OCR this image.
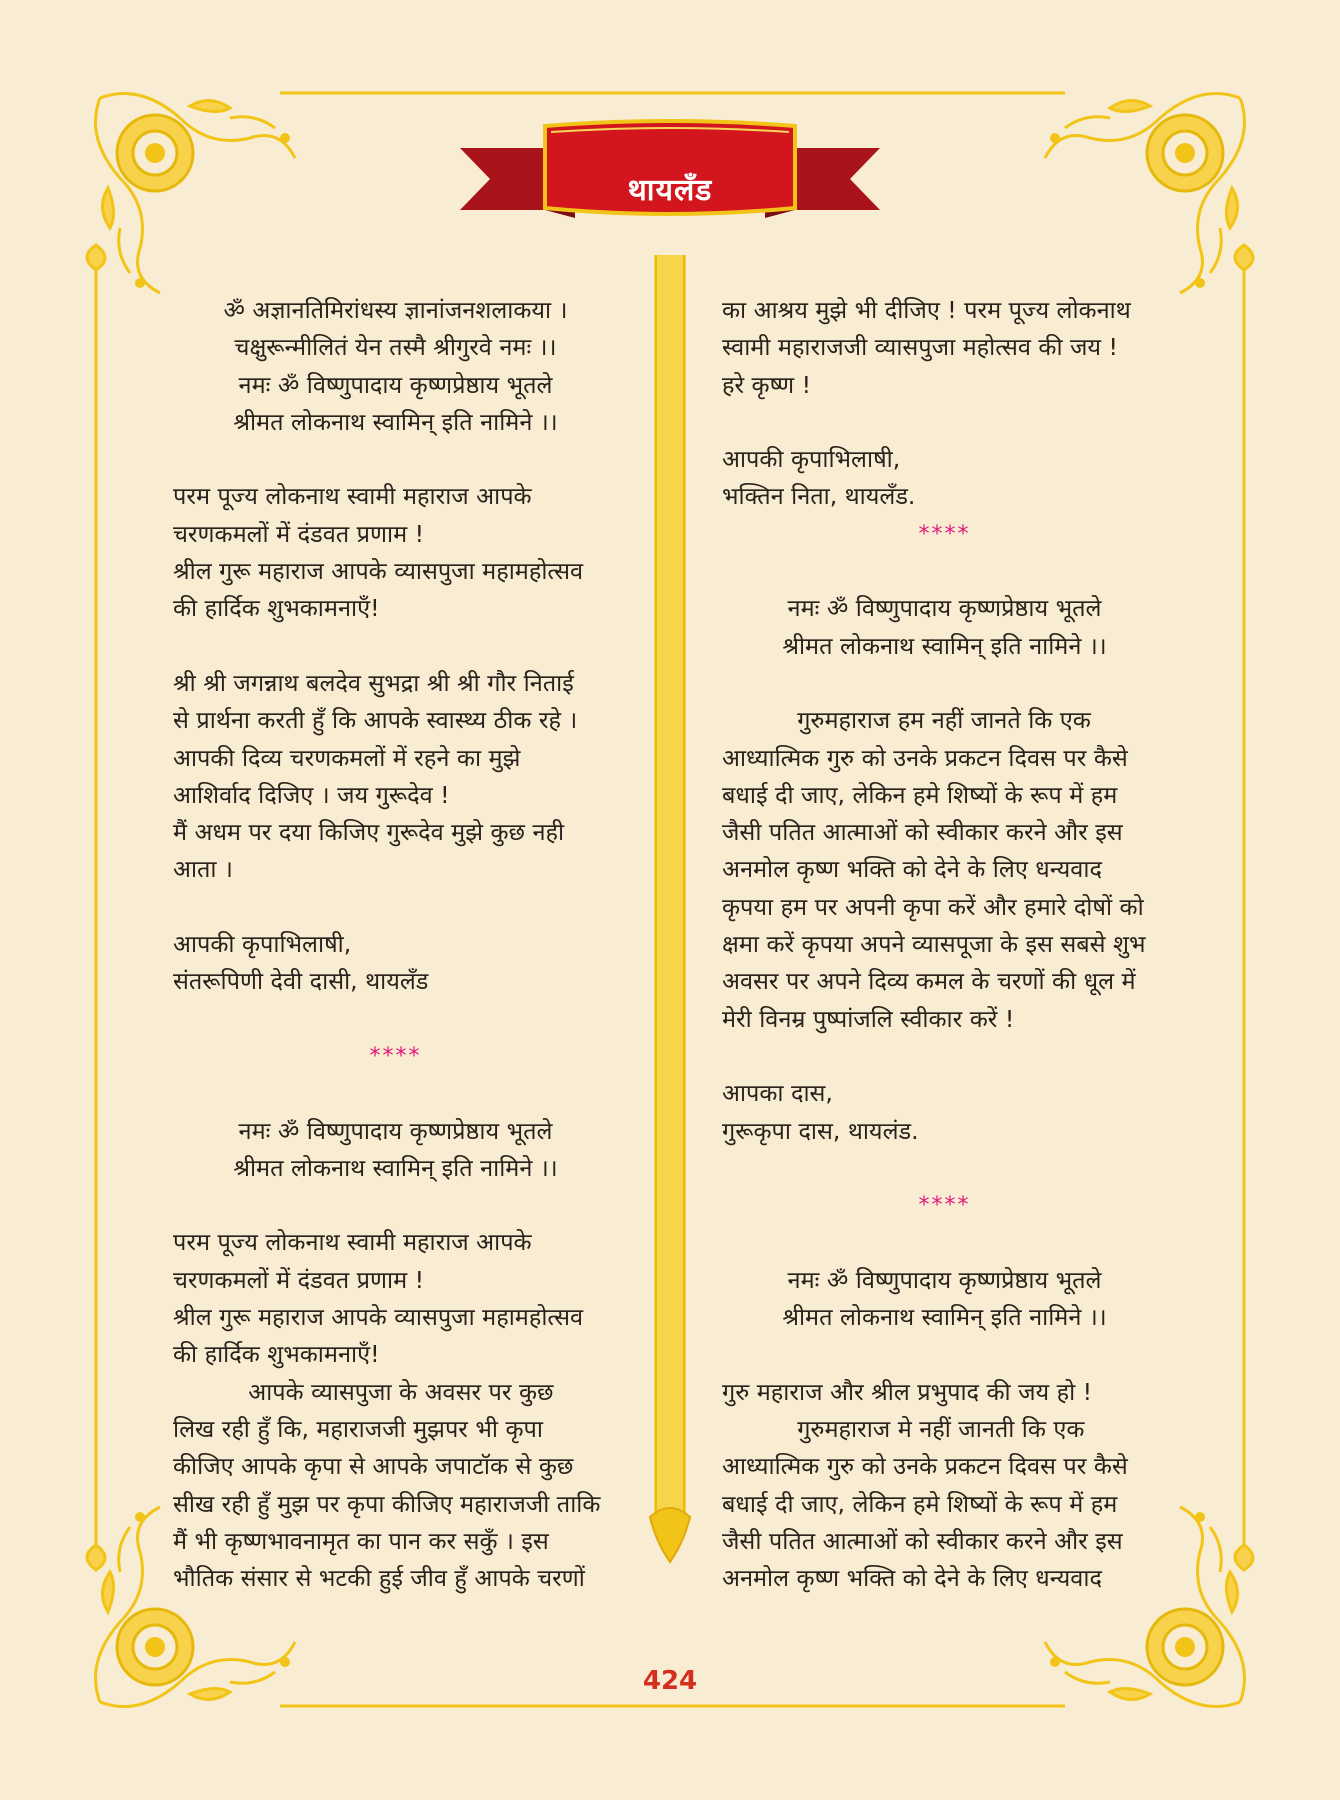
थायलँड

ॐ अज्ञानतिमिरांधस्य ज्ञानांजनशलाकया ।

चक्षुरून्मीलितं येन तस्मै श्रीगुरवे नमः ।।

नमः ॐ विष्णुपादाय कृष्णप्रेष्ठाय भूतले

श्रीमत लोकनाथ स्वामिन् इति नामिने ।।

परम पूज्य लोकनाथ स्वामी महाराज आपके

चरणकमलों में दंडवत प्रणाम !

श्रील गुरू महाराज आपके व्यासपुजा महामहोत्सव

की हार्दिक शुभकामनाएँ!

श्री श्री जगन्नाथ बलदेव सुभद्रा श्री श्री गौर निताई

से प्रार्थना करती हुँ कि आपके स्वास्थ्य ठीक रहे ।

आपकी दिव्य चरणकमलों में रहने का मुझे

आशिर्वाद दिजिए । जय गुरूदेव !

मैं अधम पर दया किजिए गुरूदेव मुझे कुछ नही

आता ।

आपकी कृपाभिलाषी,

संतरूपिणी देवी दासी, थायलँड

****

नमः ॐ विष्णुपादाय कृष्णप्रेष्ठाय भूतले

श्रीमत लोकनाथ स्वामिन् इति नामिने ।।

परम पूज्य लोकनाथ स्वामी महाराज आपके

चरणकमलों में दंडवत प्रणाम !

श्रील गुरू महाराज आपके व्यासपुजा महामहोत्सव

की हार्दिक शुभकामनाएँ!

आपके व्यासपुजा के अवसर पर कुछ

लिख रही हुँ कि, महाराजजी मुझपर भी कृपा

कीजिए आपके कृपा से आपके जपाटॉक से कुछ

सीख रही हुँ मुझ पर कृपा कीजिए महाराजजी ताकि

मैं भी कृष्णभावनामृत का पान कर सकुँ । इस

भौतिक संसार से भटकी हुई जीव हुँ आपके चरणों

का आश्रय मुझे भी दीजिए ! परम पूज्य लोकनाथ

स्वामी महाराजजी व्यासपुजा महोत्सव की जय !

हरे कृष्ण !

आपकी कृपाभिलाषी,

भक्तिन निता, थायलँड.

****

नमः ॐ विष्णुपादाय कृष्णप्रेष्ठाय भूतले

श्रीमत लोकनाथ स्वामिन् इति नामिने ।।

गुरुमहाराज हम नहीं जानते कि एक

आध्यात्मिक गुरु को उनके प्रकटन दिवस पर कैसे

बधाई दी जाए, लेकिन हमे शिष्यों के रूप में हम

जैसी पतित आत्माओं को स्वीकार करने और इस

अनमोल कृष्ण भक्ति को देने के लिए धन्यवाद

कृपया हम पर अपनी कृपा करें और हमारे दोषों को

क्षमा करें कृपया अपने व्यासपूजा के इस सबसे शुभ

अवसर पर अपने दिव्य कमल के चरणों की धूल में

मेरी विनम्र पुष्पांजलि स्वीकार करें !

आपका दास,

गुरूकृपा दास, थायलंड.

****

नमः ॐ विष्णुपादाय कृष्णप्रेष्ठाय भूतले

श्रीमत लोकनाथ स्वामिन् इति नामिने ।।

गुरु महाराज और श्रील प्रभुपाद की जय हो !

गुरुमहाराज मे नहीं जानती कि एक

आध्यात्मिक गुरु को उनके प्रकटन दिवस पर कैसे

बधाई दी जाए, लेकिन हमे शिष्यों के रूप में हम

जैसी पतित आत्माओं को स्वीकार करने और इस

अनमोल कृष्ण भक्ति को देने के लिए धन्यवाद

424
